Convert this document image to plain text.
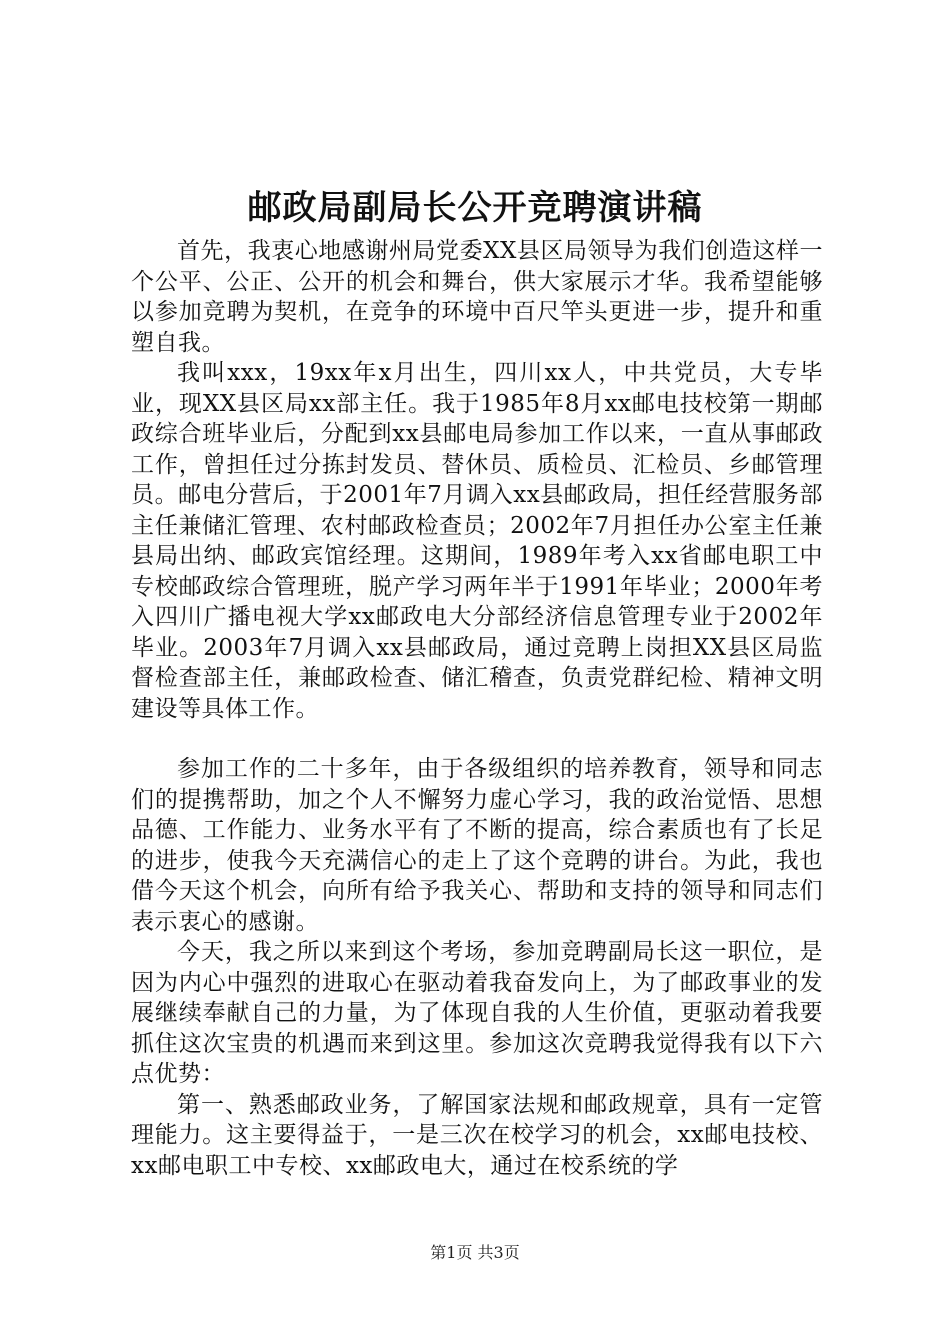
邮政局副局长公开竞聘演讲稿

首先，我衷心地感谢州局党委XX县区局领导为我们创造这样一个公平、公正、公开的机会和舞台，供大家展示才华。我希望能够以参加竞聘为契机，在竞争的环境中百尺竿头更进一步，提升和重塑自我。

我叫xxx，19xx年x月出生，四川xx人，中共党员，大专毕业，现XX县区局xx部主任。我于1985年8月xx邮电技校第一期邮政综合班毕业后，分配到xx县邮电局参加工作以来，一直从事邮政工作，曾担任过分拣封发员、替休员、质检员、汇检员、乡邮管理员。邮电分营后，于2001年7月调入xx县邮政局，担任经营服务部主任兼储汇管理、农村邮政检查员；2002年7月担任办公室主任兼县局出纳、邮政宾馆经理。这期间，1989年考入xx省邮电职工中专校邮政综合管理班，脱产学习两年半于1991年毕业；2000年考入四川广播电视大学xx邮政电大分部经济信息管理专业于2002年毕业。2003年7月调入xx县邮政局，通过竞聘上岗担XX县区局监督检查部主任，兼邮政检查、储汇稽查，负责党群纪检、精神文明建设等具体工作。

参加工作的二十多年，由于各级组织的培养教育，领导和同志们的提携帮助，加之个人不懈努力虚心学习，我的政治觉悟、思想品德、工作能力、业务水平有了不断的提高，综合素质也有了长足的进步，使我今天充满信心的走上了这个竞聘的讲台。为此，我也借今天这个机会，向所有给予我关心、帮助和支持的领导和同志们表示衷心的感谢。

今天，我之所以来到这个考场，参加竞聘副局长这一职位，是因为内心中强烈的进取心在驱动着我奋发向上，为了邮政事业的发展继续奉献自己的力量，为了体现自我的人生价值，更驱动着我要抓住这次宝贵的机遇而来到这里。参加这次竞聘我觉得我有以下六点优势：

第一、熟悉邮政业务，了解国家法规和邮政规章，具有一定管理能力。这主要得益于，一是三次在校学习的机会，xx邮电技校、xx邮电职工中专校、xx邮政电大，通过在校系统的学

第1页 共3页
